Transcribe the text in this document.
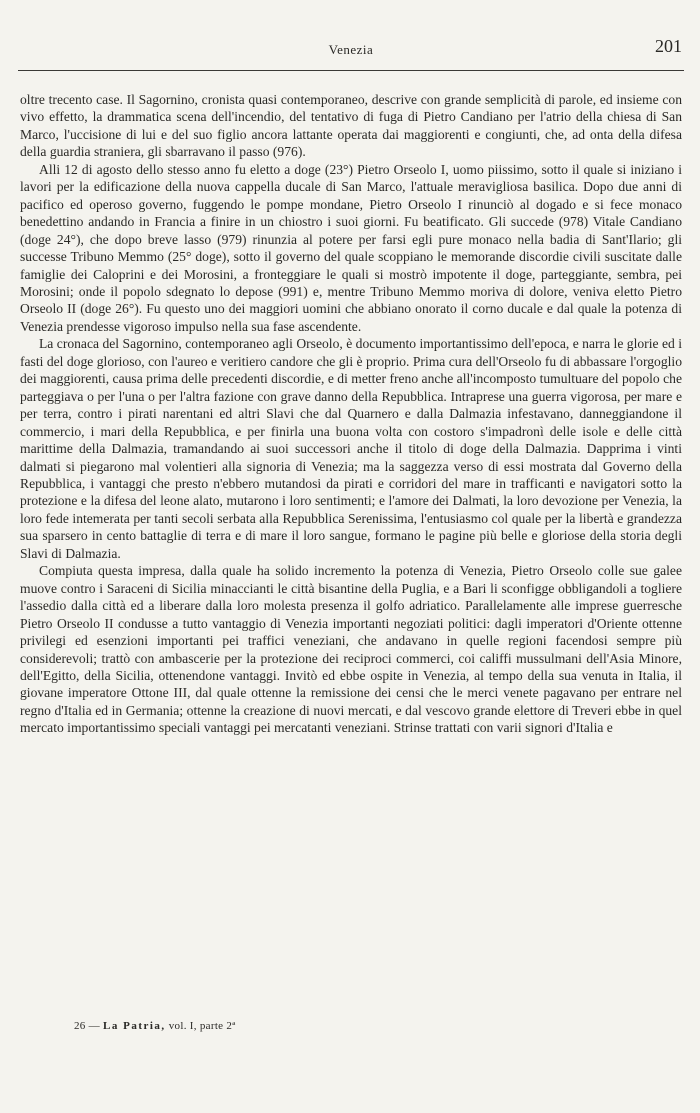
Venezia	201

oltre trecento case. Il Sagornino, cronista quasi contemporaneo, descrive con grande semplicità di parole, ed insieme con vivo effetto, la drammatica scena dell'incendio, del tentativo di fuga di Pietro Candiano per l'atrio della chiesa di San Marco, l'uccisione di lui e del suo figlio ancora lattante operata dai maggiorenti e congiunti, che, ad onta della difesa della guardia straniera, gli sbarravano il passo (976).

Alli 12 di agosto dello stesso anno fu eletto a doge (23°) Pietro Orseolo I, uomo piissimo, sotto il quale si iniziano i lavori per la edificazione della nuova cappella ducale di San Marco, l'attuale meravigliosa basilica. Dopo due anni di pacifico ed operoso governo, fuggendo le pompe mondane, Pietro Orseolo I rinunciò al dogado e si fece monaco benedettino andando in Francia a finire in un chiostro i suoi giorni. Fu beatificato. Gli succede (978) Vitale Candiano (doge 24°), che dopo breve lasso (979) rinunzia al potere per farsi egli pure monaco nella badia di Sant'Ilario; gli successe Tribuno Memmo (25° doge), sotto il governo del quale scoppiano le memorande discordie civili suscitate dalle famiglie dei Caloprini e dei Morosini, a fronteggiare le quali si mostrò impotente il doge, parteggiante, sembra, pei Morosini; onde il popolo sdegnato lo depose (991) e, mentre Tribuno Memmo moriva di dolore, veniva eletto Pietro Orseolo II (doge 26°). Fu questo uno dei maggiori uomini che abbiano onorato il corno ducale e dal quale la potenza di Venezia prendesse vigoroso impulso nella sua fase ascendente.

La cronaca del Sagornino, contemporaneo agli Orseolo, è documento importantissimo dell'epoca, e narra le glorie ed i fasti del doge glorioso, con l'aureo e veritiero candore che gli è proprio. Prima cura dell'Orseolo fu di abbassare l'orgoglio dei maggiorenti, causa prima delle precedenti discordie, e di metter freno anche all'incomposto tumultuare del popolo che parteggiava o per l'una o per l'altra fazione con grave danno della Repubblica. Intraprese una guerra vigorosa, per mare e per terra, contro i pirati narentani ed altri Slavi che dal Quarnero e dalla Dalmazia infestavano, danneggiandone il commercio, i mari della Repubblica, e per finirla una buona volta con costoro s'impadronì delle isole e delle città marittime della Dalmazia, tramandando ai suoi successori anche il titolo di doge della Dalmazia. Dapprima i vinti dalmati si piegarono mal volentieri alla signoria di Venezia; ma la saggezza verso di essi mostrata dal Governo della Repubblica, i vantaggi che presto n'ebbero mutandosi da pirati e corridori del mare in trafficanti e navigatori sotto la protezione e la difesa del leone alato, mutarono i loro sentimenti; e l'amore dei Dalmati, la loro devozione per Venezia, la loro fede intemerata per tanti secoli serbata alla Repubblica Serenissima, l'entusiasmo col quale per la libertà e grandezza sua sparsero in cento battaglie di terra e di mare il loro sangue, formano le pagine più belle e gloriose della storia degli Slavi di Dalmazia.

Compiuta questa impresa, dalla quale ha solido incremento la potenza di Venezia, Pietro Orseolo colle sue galee muove contro i Saraceni di Sicilia minaccianti le città bisantine della Puglia, e a Bari li sconfigge obbligandoli a togliere l'assedio dalla città ed a liberare dalla loro molesta presenza il golfo adriatico. Parallelamente alle imprese guerresche Pietro Orseolo II condusse a tutto vantaggio di Venezia importanti negoziati politici: dagli imperatori d'Oriente ottenne privilegi ed esenzioni importanti pei traffici veneziani, che andavano in quelle regioni facendosi sempre più considerevoli; trattò con ambascerie per la protezione dei reciproci commerci, coi califfi mussulmani dell'Asia Minore, dell'Egitto, della Sicilia, ottenendone vantaggi. Invitò ed ebbe ospite in Venezia, al tempo della sua venuta in Italia, il giovane imperatore Ottone III, dal quale ottenne la remissione dei censi che le merci venete pagavano per entrare nel regno d'Italia ed in Germania; ottenne la creazione di nuovi mercati, e dal vescovo grande elettore di Treveri ebbe in quel mercato importantissimo speciali vantaggi pei mercatanti veneziani. Strinse trattati con varii signori d'Italia e

26 — La Patria, vol. I, parte 2ª
